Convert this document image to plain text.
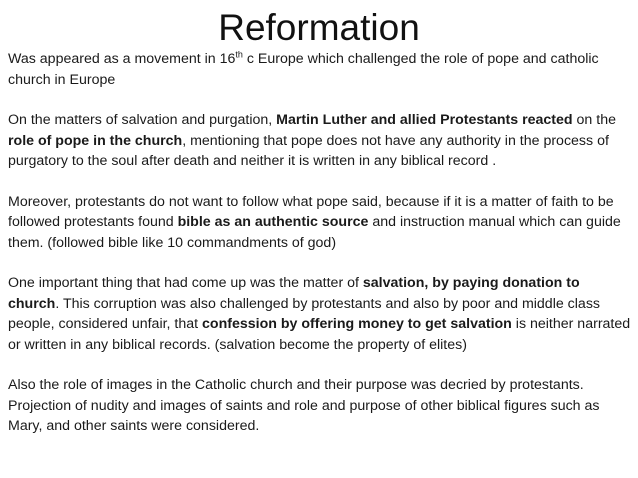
Reformation

Was appeared as a movement in 16th c Europe which challenged the role of pope and catholic church in Europe

On the matters of salvation and purgation, Martin Luther and allied Protestants reacted on the role of pope in the church, mentioning that pope does not have any authority in the process of purgatory to the soul after death and neither it is written in any biblical record .

Moreover, protestants do not want to follow what pope said, because if it is a matter of faith to be followed protestants found bible as an authentic source and instruction manual which can guide them. (followed bible like 10 commandments of god)

One important thing that had come up was the matter of salvation, by paying donation to church. This corruption was also challenged by protestants and also by poor and middle class people, considered unfair, that confession by offering money to get salvation is neither narrated or written in any biblical records. (salvation become the property of elites)

Also the role of images in the Catholic church and their purpose was decried by protestants. Projection of nudity and images of saints and role and purpose of other biblical figures such as Mary, and other saints were considered.
